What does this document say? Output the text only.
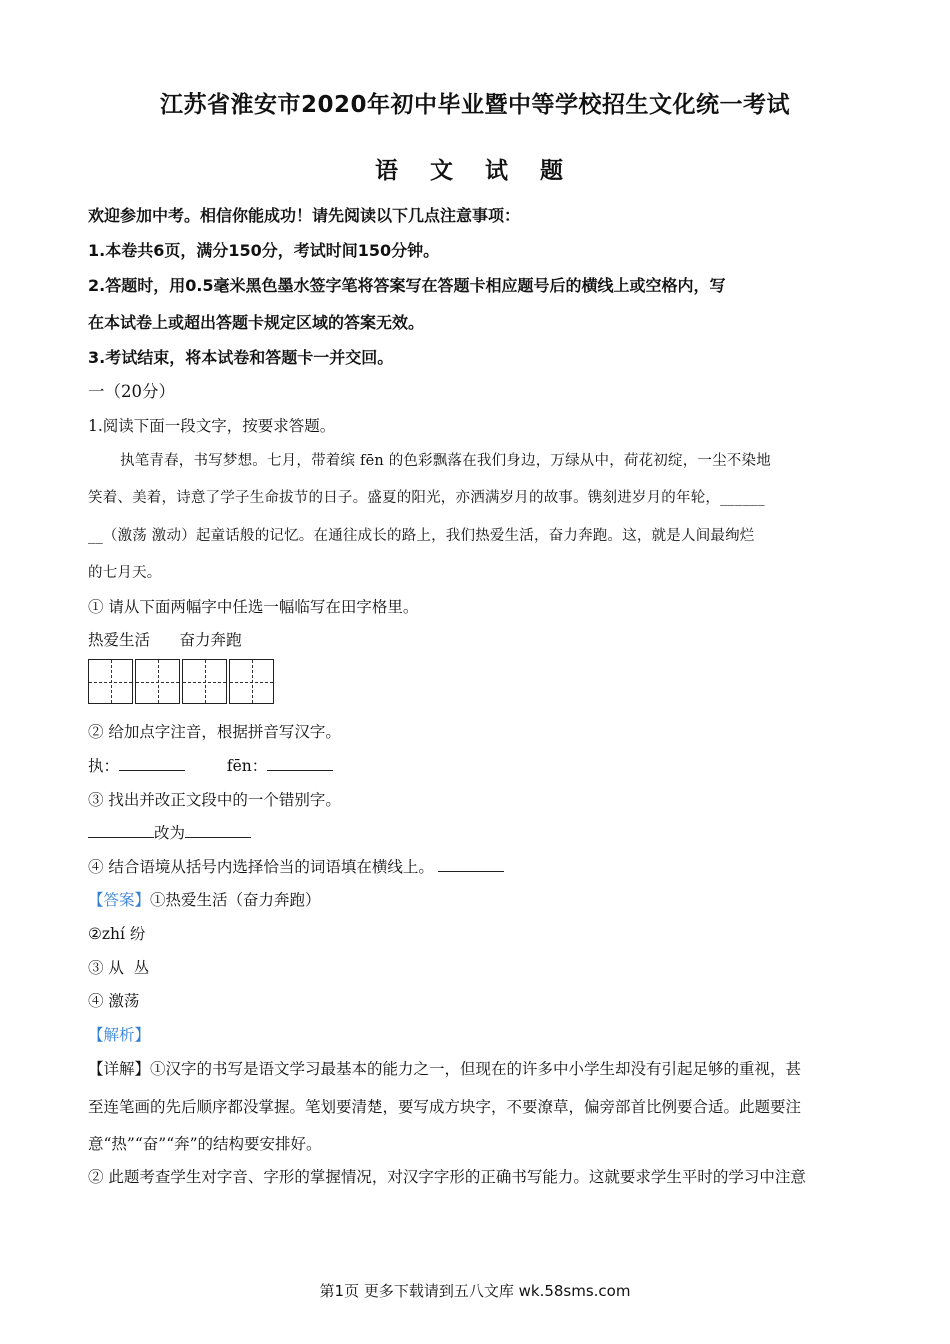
江苏省淮安市2020年初中毕业暨中等学校招生文化统一考试
语 文 试 题
欢迎参加中考。相信你能成功！请先阅读以下几点注意事项：
1.本卷共6页，满分150分，考试时间150分钟。
2.答题时，用0.5毫米黑色墨水签字笔将答案写在答题卡相应题号后的横线上或空格内，写
在本试卷上或超出答题卡规定区域的答案无效。
3.考试结束，将本试卷和答题卡一并交回。
一（20分）
1.阅读下面一段文字，按要求答题。
执笔青春，书写梦想。七月，带着缤 fēn 的色彩飘落在我们身边，万绿从中，荷花初绽，一尘不染地
笑着、美着，诗意了学子生命拔节的日子。盛夏的阳光，亦洒满岁月的故事。镌刻进岁月的年轮，______
__（激荡 激动）起童话般的记忆。在通往成长的路上，我们热爱生活，奋力奔跑。这，就是人间最绚烂
的七月天。
① 请从下面两幅字中任选一幅临写在田字格里。
热爱生活      奋力奔跑
② 给加点字注音，根据拼音写汉字。
执：	fēn：
③ 找出并改正文段中的一个错别字。
改为
④ 结合语境从括号内选择恰当的词语填在横线上。
【答案】①热爱生活（奋力奔跑）
②zhí 纷
③ 从  丛
④ 激荡
【解析】
【详解】①汉字的书写是语文学习最基本的能力之一，但现在的许多中小学生却没有引起足够的重视，甚
至连笔画的先后顺序都没掌握。笔划要清楚，要写成方块字，不要潦草，偏旁部首比例要合适。此题要注
意“热”“奋”“奔”的结构要安排好。
② 此题考查学生对字音、字形的掌握情况，对汉字字形的正确书写能力。这就要求学生平时的学习中注意
第1页 更多下载请到五八文库 wk.58sms.com
